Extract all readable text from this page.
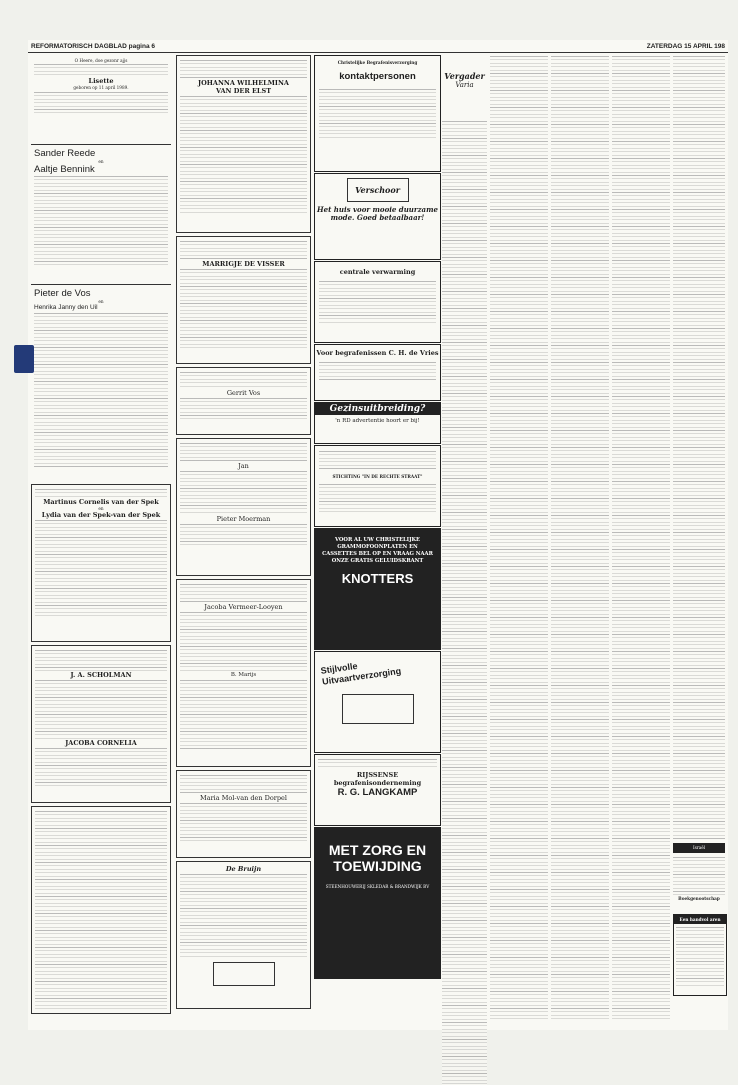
REFORMATORISCH DAGBLAD pagina 6	ZATERDAG 15 APRIL 198
O Heere, doe gezonr ajjs
Lisette
geboren op 11 april 1989.
Sander Reede
en
Aaltje Bennink
Pieter de Vos
en
Henrika Janny den Uil
Martinus Cornelis van der Spek
en
Lydia van der Spek-van der Spek
J. A. SCHOLMAN
JACOBA CORNELIA
JOHANNA WILHELMINA
VAN DER ELST
MARRIGJE DE VISSER
Gerrit Vos
Jan
Pieter Moerman
Jacoba Vermeer-Looyen
B. Marijs
Maria Mol-van den Dorpel
De Bruijn
Christelijke Begrafenisverzorging
kontaktpersonen
Verschoor
Het huis voor mooie duurzame mode. Goed betaalbaar!
centrale verwarming
Voor begrafenissen C. H. de Vries
Gezinsuitbreiding?
'n RD advertentie hoort er bij!
STICHTING "IN DE RECHTE STRAAT"
VOOR AL UW CHRISTELIJKE GRAMMOFOONPLATEN EN CASSETTES BEL OP EN VRAAG NAAR ONZE GRATIS GELUIDSKRANT
KNOTTERS
Stijlvolle Uitvaartverzorging
RIJSSENSE begrafenisonderneming
R. G. LANGKAMP
MET ZORG EN TOEWIJDING
STEENHOUWERIJ SKLEDAR & BRANDWIJK BV
Vergader
Varia
Israël
Boekgenootschap
Een handvol aren
